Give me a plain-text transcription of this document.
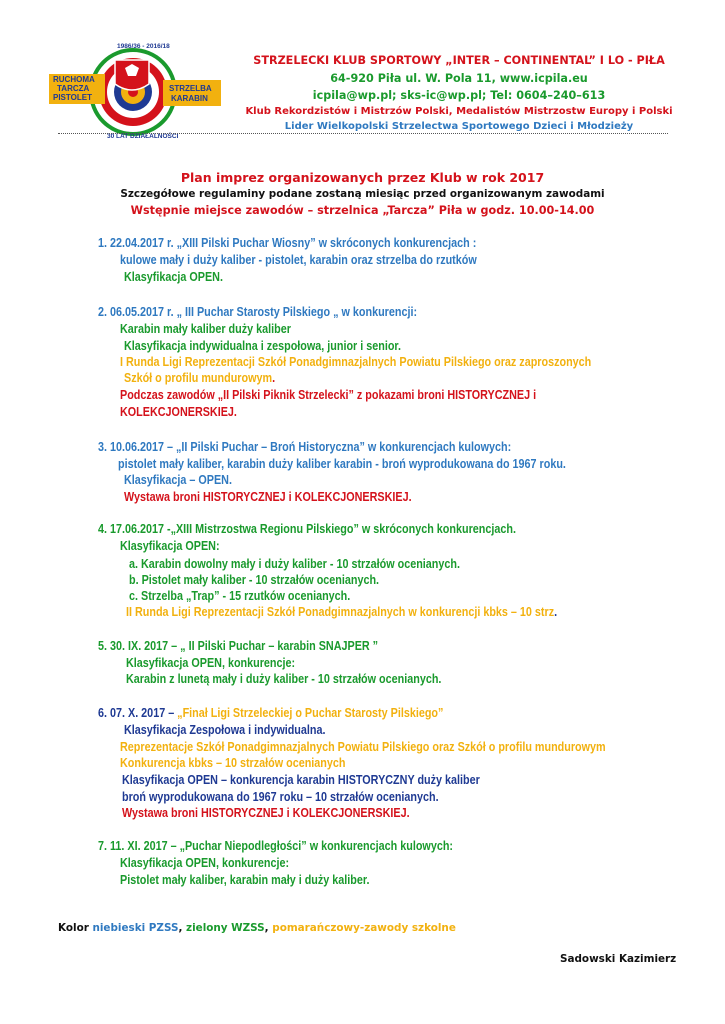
RUCHOMA
TARCZA
PISTOLET
STRZELBA
KARABIN
1986/36 - 2016/18
30 LAT DZIAŁALNOŚCI
STRZELECKI KLUB SPORTOWY „INTER – CONTINENTAL” I LO - PIŁA
64-920 Piła ul. W. Pola 11, www.icpila.eu
icpila@wp.pl; sks-ic@wp.pl; Tel: 0604–240–613
Klub Rekordzistów i Mistrzów Polski, Medalistów Mistrzostw Europy i Polski
Lider Wielkopolski Strzelectwa Sportowego Dzieci i Młodzieży
Plan imprez organizowanych przez Klub w rok 2017
Szczegółowe regulaminy podane zostaną miesiąc przed organizowanym zawodami
Wstępnie miejsce zawodów – strzelnica „Tarcza” Piła w godz. 10.00-14.00
1. 22.04.2017 r. „XIII Pilski Puchar Wiosny” w skróconych konkurencjach :
kulowe mały i duży kaliber - pistolet, karabin oraz strzelba do rzutków
Klasyfikacja OPEN.
2. 06.05.2017 r. „ III Puchar Starosty Pilskiego „ w konkurencji:
Karabin mały kaliber duży kaliber
Klasyfikacja indywidualna i zespołowa, junior i senior.
I Runda Ligi Reprezentacji Szkół Ponadgimnazjalnych Powiatu Pilskiego oraz zaproszonych
Szkół o profilu mundurowym.
Podczas zawodów „II Pilski Piknik Strzelecki” z pokazami broni HISTORYCZNEJ i
KOLEKCJONERSKIEJ.
3. 10.06.2017 – „II Pilski Puchar – Broń Historyczna” w konkurencjach kulowych:
pistolet mały kaliber, karabin duży kaliber karabin - broń wyprodukowana do 1967 roku.
Klasyfikacja – OPEN.
Wystawa broni HISTORYCZNEJ i KOLEKCJONERSKIEJ.
4. 17.06.2017 -„XIII Mistrzostwa Regionu Pilskiego” w skróconych konkurencjach.
Klasyfikacja OPEN:
a. Karabin dowolny mały i duży kaliber - 10 strzałów ocenianych.
b. Pistolet mały kaliber - 10 strzałów ocenianych.
c. Strzelba „Trap” - 15 rzutków ocenianych.
II Runda Ligi Reprezentacji Szkół Ponadgimnazjalnych w konkurencji kbks – 10 strz.
5. 30. IX. 2017 – „ II Pilski Puchar – karabin SNAJPER ”
Klasyfikacja OPEN, konkurencje:
Karabin z lunetą mały i duży kaliber - 10 strzałów ocenianych.
6. 07. X. 2017 – „Finał Ligi Strzeleckiej o Puchar Starosty Pilskiego”
Klasyfikacja Zespołowa i indywidualna.
Reprezentacje Szkół Ponadgimnazjalnych Powiatu Pilskiego oraz Szkół o profilu mundurowym
Konkurencja kbks – 10 strzałów ocenianych
Klasyfikacja OPEN – konkurencja karabin HISTORYCZNY duży kaliber
broń wyprodukowana do 1967 roku – 10 strzałów ocenianych.
Wystawa broni HISTORYCZNEJ i KOLEKCJONERSKIEJ.
7. 11. XI. 2017 – „Puchar Niepodległości” w konkurencjach kulowych:
Klasyfikacja OPEN, konkurencje:
Pistolet mały kaliber, karabin mały i duży kaliber.
Kolor niebieski PZSS, zielony WZSS, pomarańczowy-zawody szkolne
Sadowski Kazimierz
